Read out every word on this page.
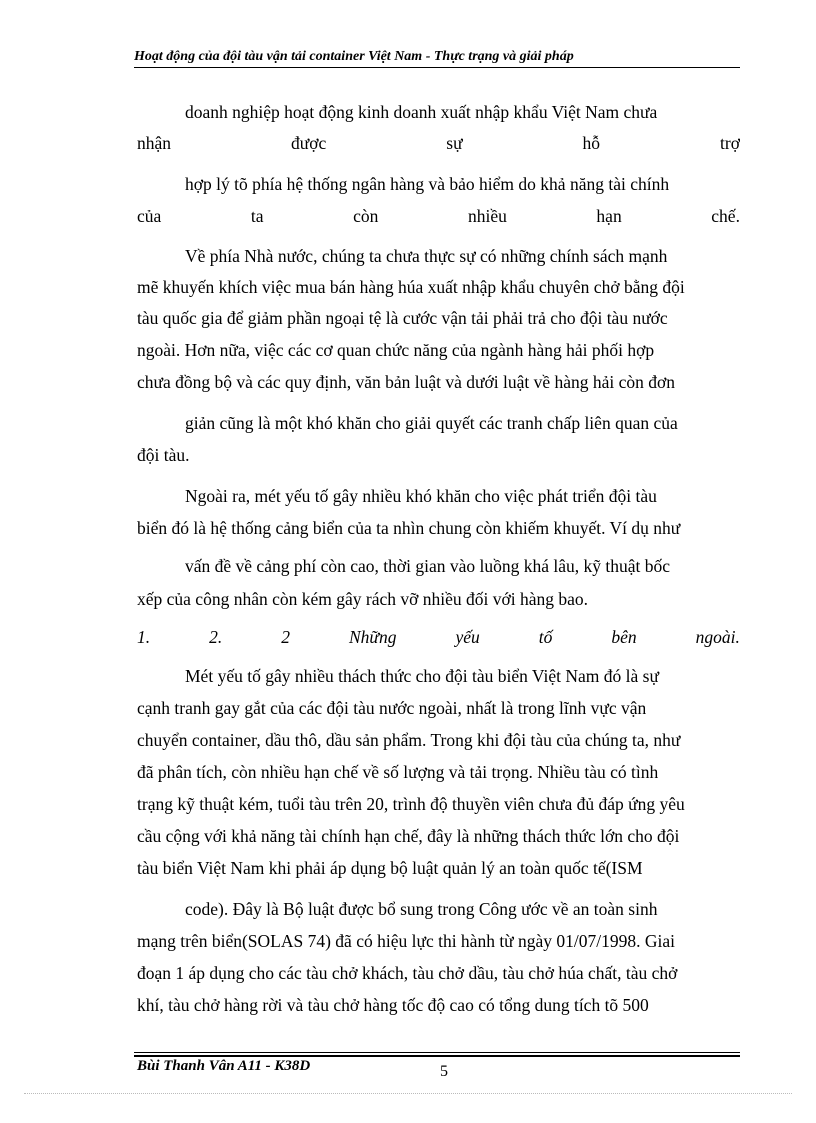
Hoạt động của đội tàu vận tải container Việt Nam - Thực trạng và giải pháp
doanh nghiệp hoạt động kinh doanh xuất nhập khẩu Việt Nam chưa
nhận	được	sự	hỗ	trợ
hợp lý tõ phía hệ thống ngân hàng và bảo hiểm do khả năng tài chính
của	ta	còn	nhiều	hạn	chế.
Về phía Nhà nước, chúng ta chưa thực sự có những chính sách mạnh
mẽ khuyến khích việc mua bán hàng húa xuất nhập khẩu chuyên chở bằng đội
tàu quốc gia để giảm phần ngoại tệ là cước vận tải phải trả cho đội tàu nước
ngoài. Hơn nữa, việc các cơ quan chức năng của ngành hàng hải phối hợp
chưa đồng bộ và các quy định, văn bản luật và dưới luật về hàng hải còn đơn
giản cũng là một khó khăn cho giải quyết các tranh chấp liên quan của
đội tàu.
Ngoài ra, mét yếu tố gây nhiều khó khăn cho việc phát triển đội tàu
biển đó là hệ thống cảng biển của ta nhìn chung còn khiếm khuyết. Ví dụ như
vấn đề về cảng phí còn cao, thời gian vào luồng khá lâu, kỹ thuật bốc
xếp của công nhân còn kém gây rách vỡ nhiều đối với hàng bao.
1.	2.	2	Những	yếu	tố	bên	ngoài.
Mét yếu tố gây nhiều thách thức cho đội tàu biển Việt Nam đó là sự
cạnh tranh gay gắt của các đội tàu nước ngoài, nhất là trong lĩnh vực vận
chuyển container, dầu thô, dầu sản phẩm. Trong khi đội tàu của chúng ta, như
đã phân tích, còn nhiều hạn chế về số lượng và tải trọng. Nhiều tàu có tình
trạng kỹ thuật kém, tuổi tàu trên 20, trình độ thuyền viên chưa đủ đáp ứng yêu
cầu cộng với khả năng tài chính hạn chế, đây là những thách thức lớn cho đội
tàu biển Việt Nam khi phải áp dụng bộ luật quản lý an toàn quốc tế(ISM
code). Đây là Bộ luật được bổ sung trong Công ước về an toàn sinh
mạng trên biển(SOLAS 74) đã có hiệu lực thi hành từ ngày 01/07/1998. Giai
đoạn 1 áp dụng cho các tàu chở khách, tàu chở dầu, tàu chở húa chất, tàu chở
khí, tàu chở hàng rời và tàu chở hàng tốc độ cao có tổng dung tích tõ 500
Bùi Thanh Vân A11 - K38D	5
